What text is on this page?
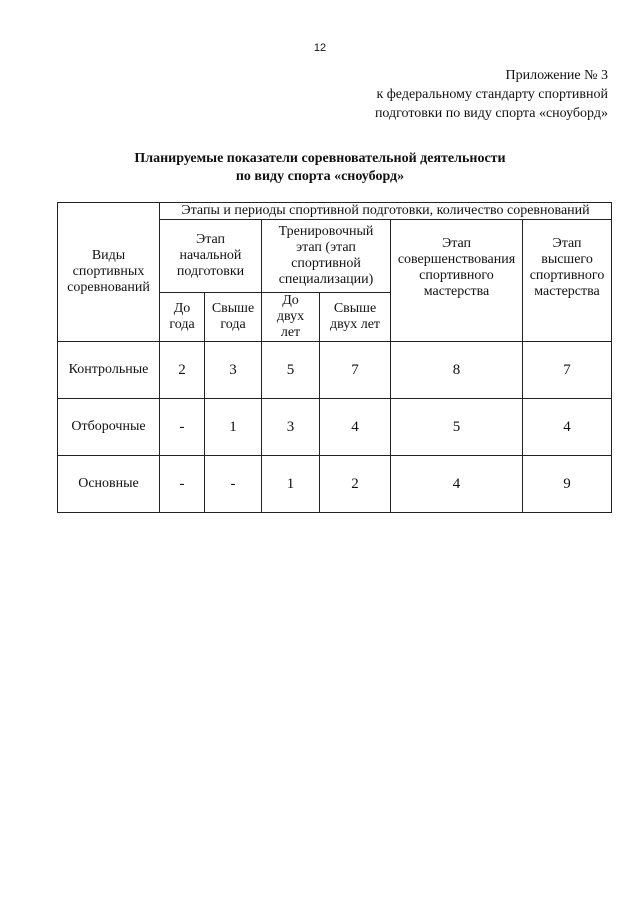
12
Приложение № 3
к федеральному стандарту спортивной
подготовки по виду спорта «сноуборд»
Планируемые показатели соревновательной деятельности
по виду спорта «сноуборд»
Виды спортивных соревнований	Этапы и периоды спортивной подготовки, количество соревнований					
	Этап начальной подготовки		Тренировочный этап (этап спортивной специализации)		Этап совершенствования спортивного мастерства	Этап высшего спортивного мастерства
	До года	Свыше года	До двух лет	Свыше двух лет		
Контрольные	2	3	5	7	8	7
Отборочные	-	1	3	4	5	4
Основные	-	-	1	2	4	9
